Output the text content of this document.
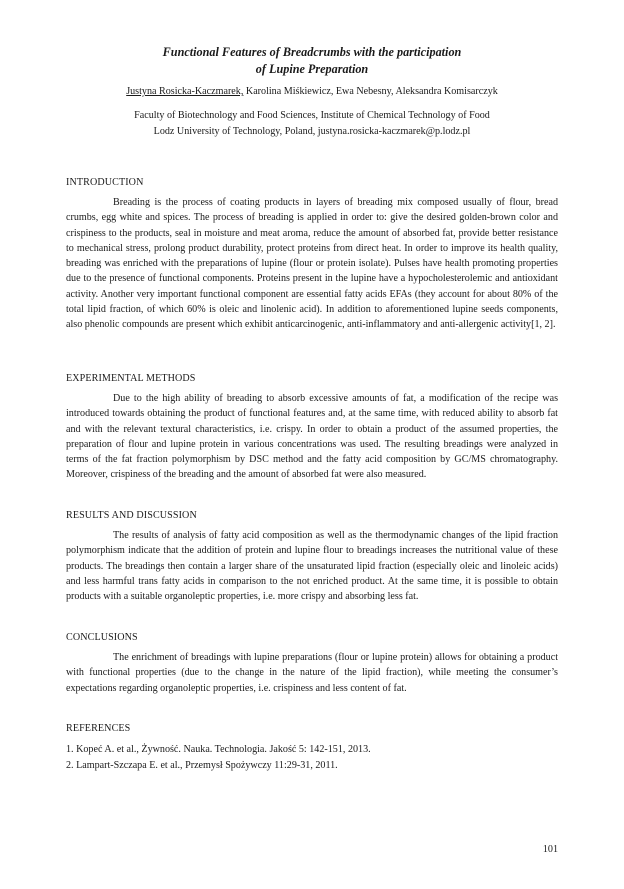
Functional Features of Breadcrumbs with the participation
of Lupine Preparation

Justyna Rosicka-Kaczmarek, Karolina Miśkiewicz, Ewa Nebesny, Aleksandra Komisarczyk

Faculty of Biotechnology and Food Sciences, Institute of Chemical Technology of Food
Lodz University of Technology, Poland, justyna.rosicka-kaczmarek@p.lodz.pl

INTRODUCTION

Breading is the process of coating products in layers of breading mix composed usually of flour, bread crumbs, egg white and spices. The process of breading is applied in order to: give the desired golden-brown color and crispiness to the products, seal in moisture and meat aroma, reduce the amount of absorbed fat, provide better resistance to mechanical stress, prolong product durability, protect proteins from direct heat. In order to improve its health quality, breading was enriched with the preparations of lupine (flour or protein isolate). Pulses have health promoting properties due to the presence of functional components. Proteins present in the lupine have a hypocholesterolemic and antioxidant activity. Another very important functional component are essential fatty acids EFAs (they account for about 80% of the total lipid fraction, of which 60% is oleic and linolenic acid). In addition to aforementioned lupine seeds components, also phenolic compounds are present which exhibit anticarcinogenic, anti-inflammatory and anti-allergenic activity[1, 2].

EXPERIMENTAL METHODS

Due to the high ability of breading to absorb excessive amounts of fat, a modification of the recipe was introduced towards obtaining the product of functional features and, at the same time, with reduced ability to absorb fat and with the relevant textural characteristics, i.e. crispy. In order to obtain a product of the assumed properties, the preparation of flour and lupine protein in various concentrations was used. The resulting breadings were analyzed in terms of the fat fraction polymorphism by DSC method and the fatty acid composition by GC/MS chromatography. Moreover, crispiness of the breading and the amount of absorbed fat were also measured.

RESULTS AND DISCUSSION

The results of analysis of fatty acid composition as well as the thermodynamic changes of the lipid fraction polymorphism indicate that the addition of protein and lupine flour to breadings increases the nutritional value of these products. The breadings then contain a larger share of the unsaturated lipid fraction (especially oleic and linoleic acids) and less harmful trans fatty acids in comparison to the not enriched product. At the same time, it is possible to obtain products with a suitable organoleptic properties, i.e. more crispy and absorbing less fat.

CONCLUSIONS

The enrichment of breadings with lupine preparations (flour or lupine protein) allows for obtaining a product with functional properties (due to the change in the nature of the lipid fraction), while meeting the consumer’s expectations regarding organoleptic properties, i.e. crispiness and less content of fat.

REFERENCES
1. Kopeć A. et al., Żywność. Nauka. Technologia. Jakość 5: 142-151, 2013.
2. Lampart-Szczapa E. et al., Przemysł Spożywczy 11:29-31, 2011.

101
